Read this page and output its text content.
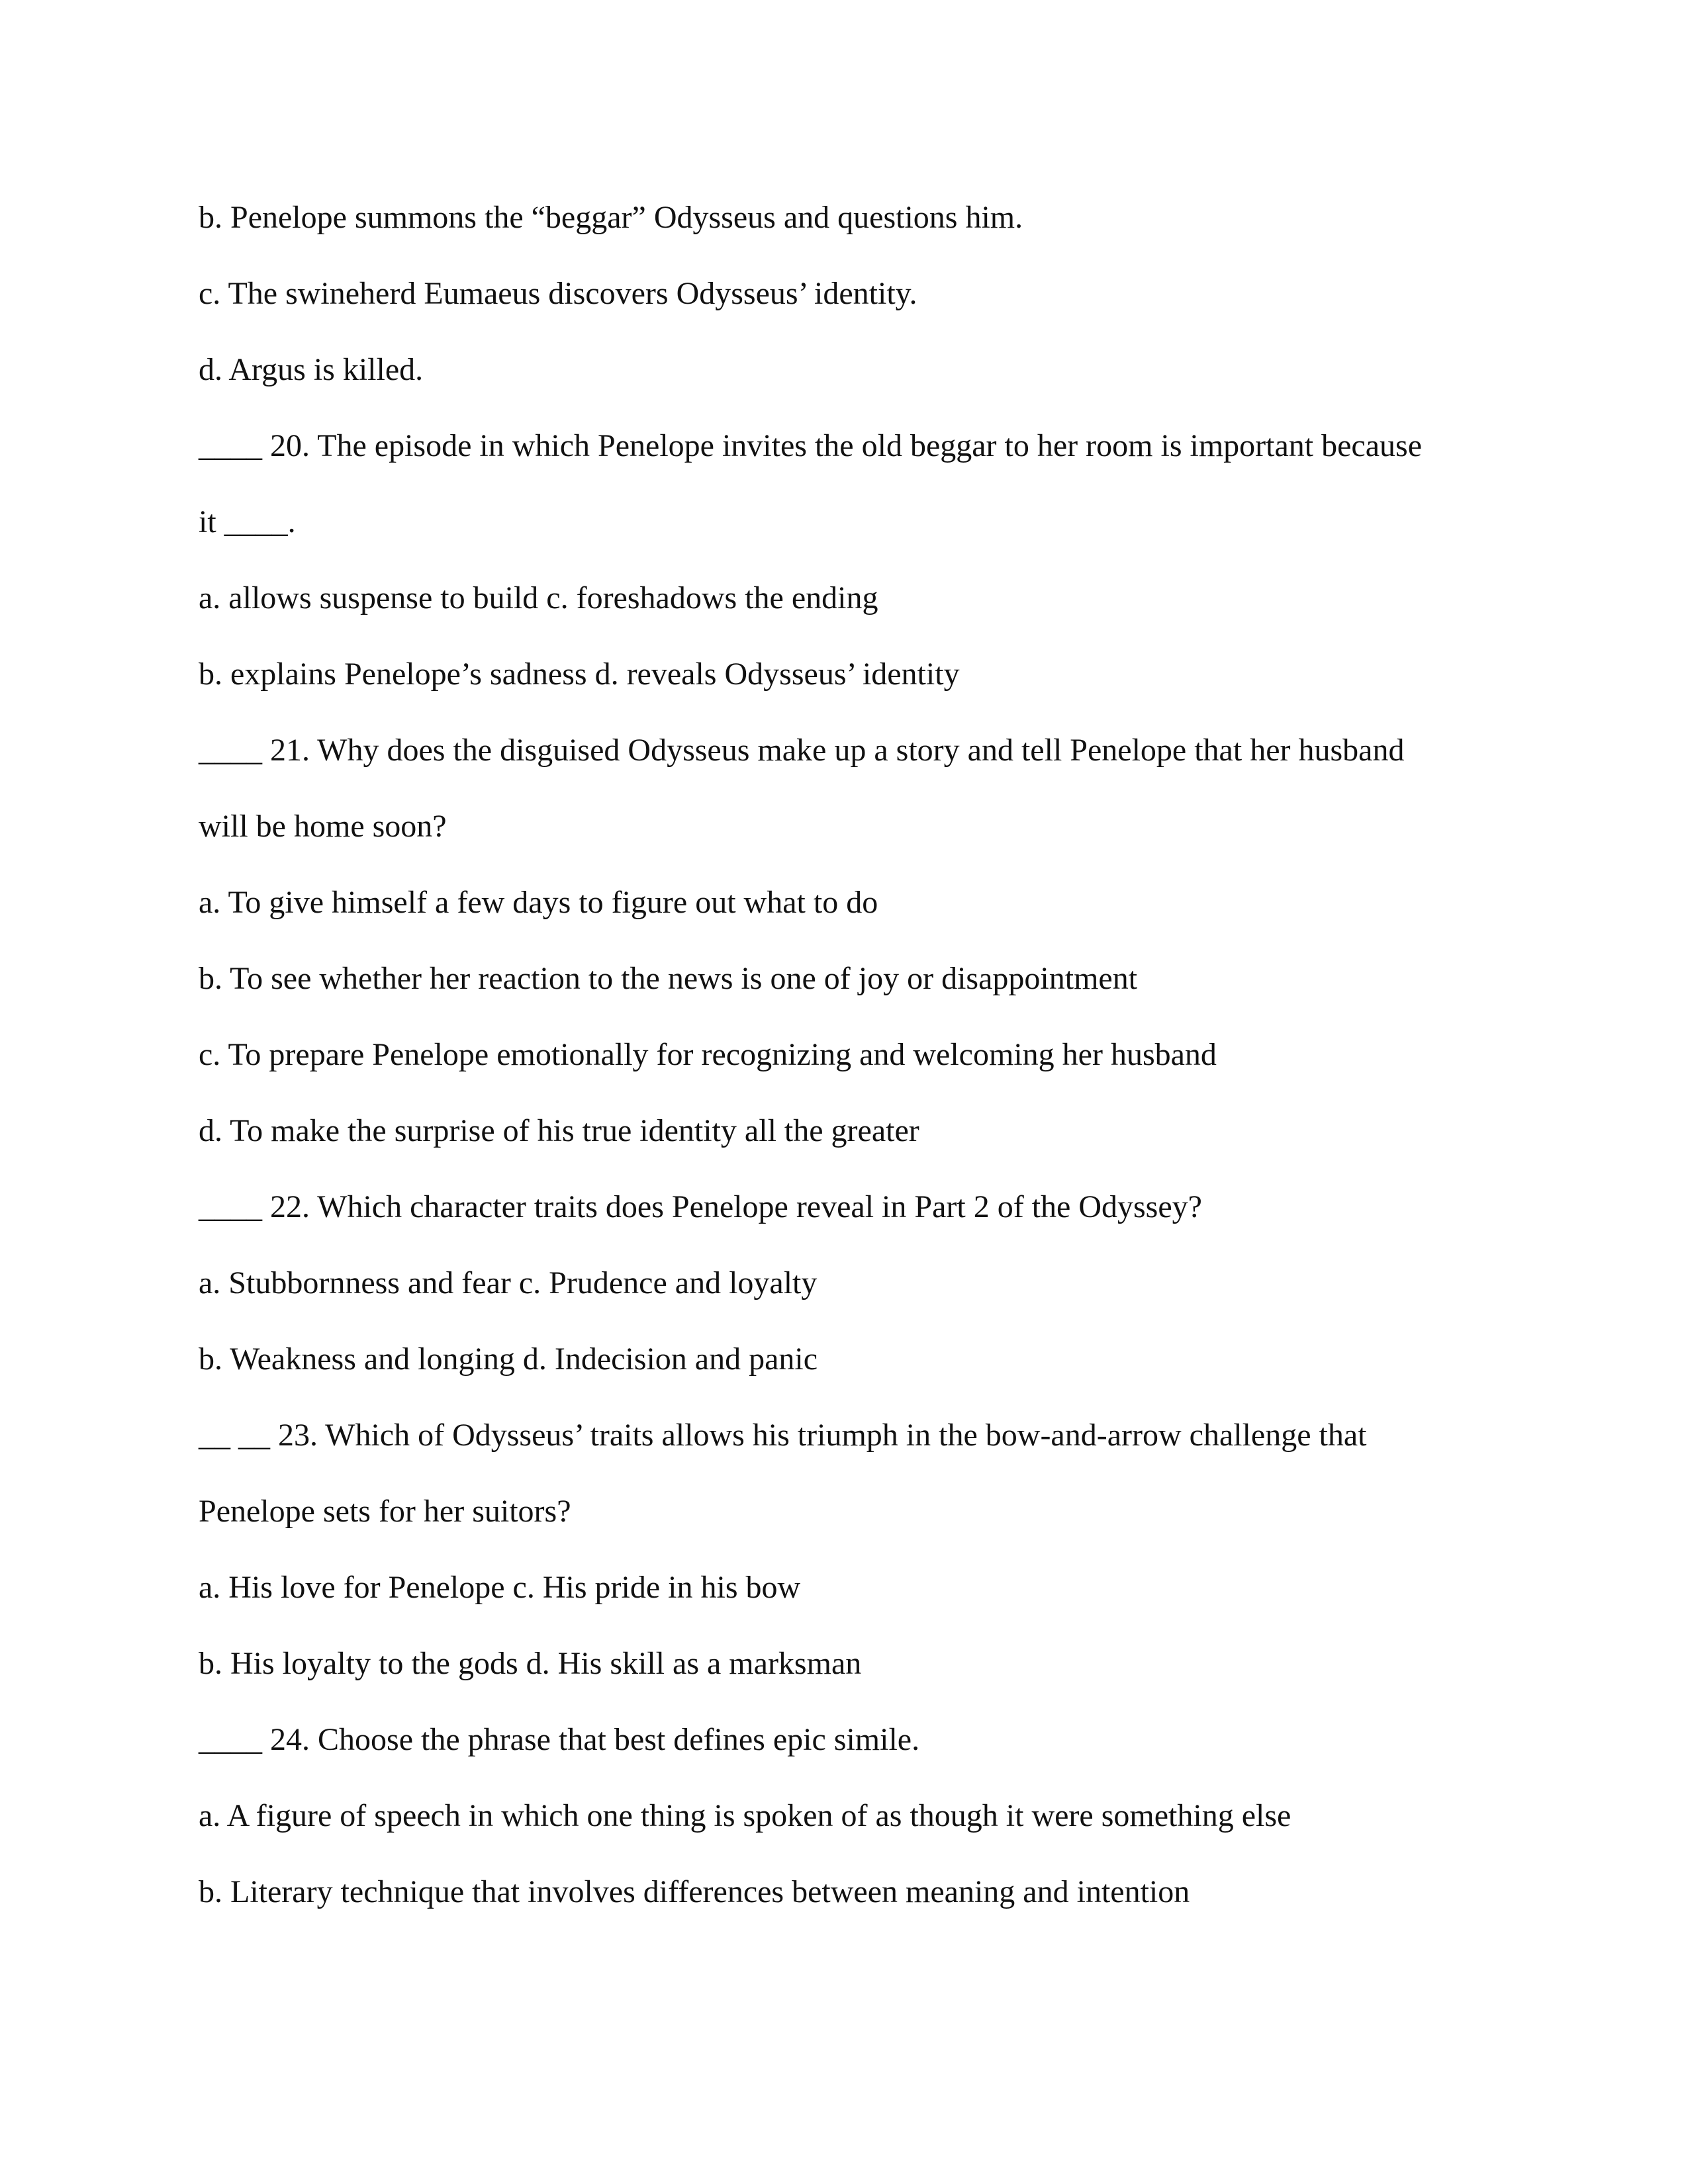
b. Penelope summons the “beggar” Odysseus and questions him.
c. The swineherd Eumaeus discovers Odysseus’ identity.
d. Argus is killed.
____ 20. The episode in which Penelope invites the old beggar to her room is important because
it ____.
a. allows suspense to build c. foreshadows the ending
b. explains Penelope’s sadness d. reveals Odysseus’ identity
____ 21. Why does the disguised Odysseus make up a story and tell Penelope that her husband
will be home soon?
a. To give himself a few days to figure out what to do
b. To see whether her reaction to the news is one of joy or disappointment
c. To prepare Penelope emotionally for recognizing and welcoming her husband
d. To make the surprise of his true identity all the greater
____ 22. Which character traits does Penelope reveal in Part 2 of the Odyssey?
a. Stubbornness and fear c. Prudence and loyalty
b. Weakness and longing d. Indecision and panic
__ __ 23. Which of Odysseus’ traits allows his triumph in the bow-and-arrow challenge that
Penelope sets for her suitors?
a. His love for Penelope c. His pride in his bow
b. His loyalty to the gods d. His skill as a marksman
____ 24. Choose the phrase that best defines epic simile.
a. A figure of speech in which one thing is spoken of as though it were something else
b. Literary technique that involves differences between meaning and intention
